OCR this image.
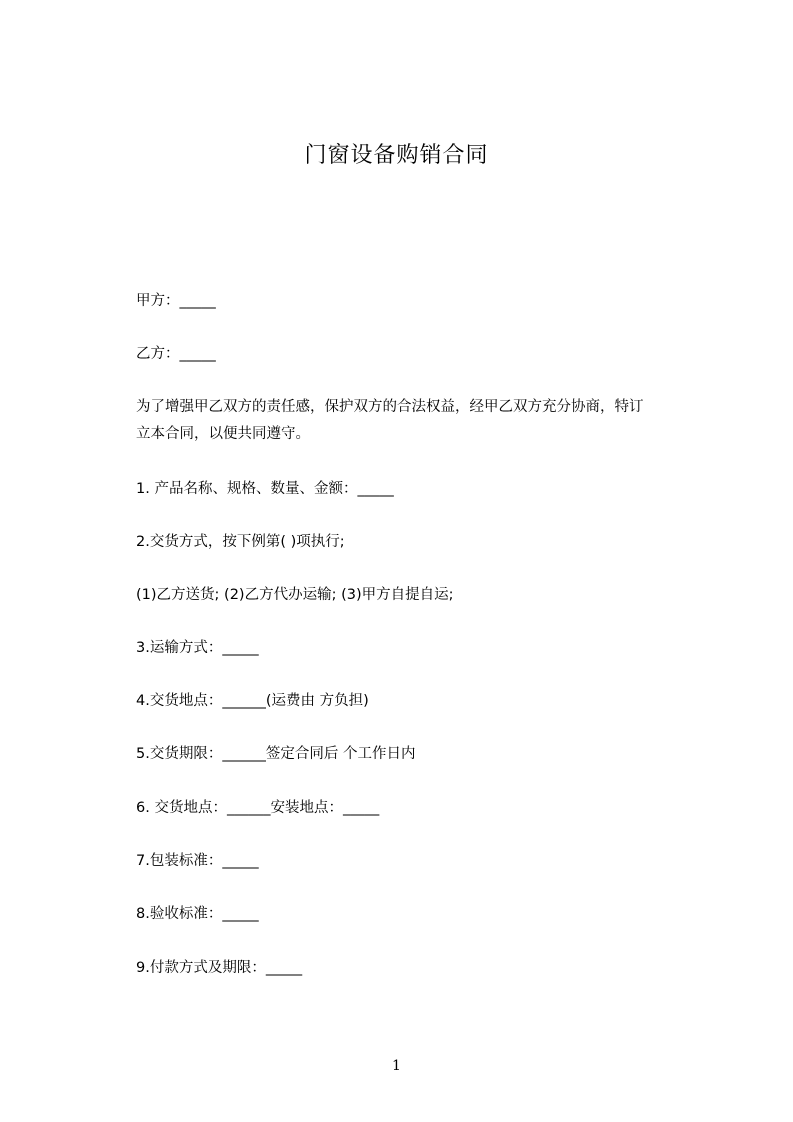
门窗设备购销合同
甲方：_____
乙方：_____
为了增强甲乙双方的责任感，保护双方的合法权益，经甲乙双方充分协商，特订
立本合同，以便共同遵守。
1. 产品名称、规格、数量、金额：_____
2.交货方式，按下例第( )项执行;
(1)乙方送货; (2)乙方代办运输; (3)甲方自提自运;
3.运输方式：_____
4.交货地点：______(运费由 方负担)
5.交货期限：______签定合同后 个工作日内
6. 交货地点：______安装地点：_____
7.包装标准：_____
8.验收标准：_____
9.付款方式及期限：_____
1
